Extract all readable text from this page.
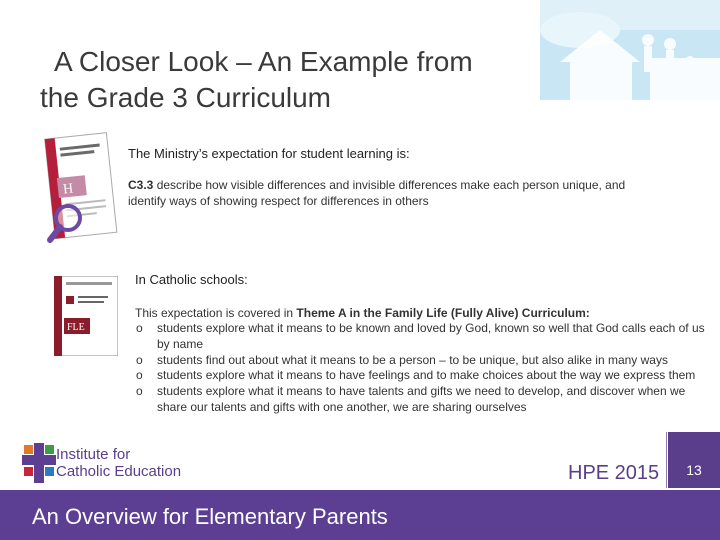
A Closer Look – An Example from
the Grade 3 Curriculum
H
FLE
The Ministry’s expectation for student learning is:
C3.3 describe how visible differences and invisible differences make each person unique, and identify ways of showing respect for differences in others
In Catholic schools:
This expectation is covered in Theme A in the Family Life (Fully Alive) Curriculum:
o students explore what it means to be known and loved by God, known so well that God calls each of us by name
o students find out about what it means to be a person – to be unique, but also alike in many ways
o students explore what it means to have feelings and to make choices about the way we express them
o students explore what it means to have talents and gifts we need to develop, and discover when we share our talents and gifts with one another, we are sharing ourselves
Institute for
Catholic Education	HPE 2015	13
An Overview for Elementary Parents
